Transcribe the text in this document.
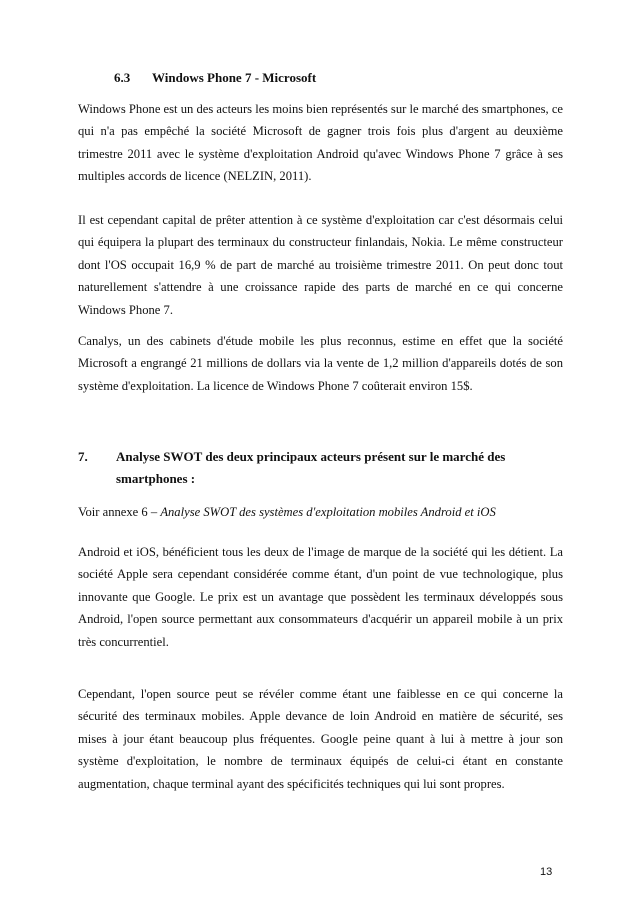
6.3 Windows Phone 7 - Microsoft

Windows Phone est un des acteurs les moins bien représentés sur le marché des smartphones, ce qui n'a pas empêché la société Microsoft de gagner trois fois plus d'argent au deuxième trimestre 2011 avec le système d'exploitation Android qu'avec Windows Phone 7 grâce à ses multiples accords de licence (NELZIN, 2011).

Il est cependant capital de prêter attention à ce système d'exploitation car c'est désormais celui qui équipera la plupart des terminaux du constructeur finlandais, Nokia. Le même constructeur dont l'OS occupait 16,9 % de part de marché au troisième trimestre 2011. On peut donc tout naturellement s'attendre à une croissance rapide des parts de marché en ce qui concerne Windows Phone 7.

Canalys, un des cabinets d'étude mobile les plus reconnus, estime en effet que la société Microsoft a engrangé 21 millions de dollars via la vente de 1,2 million d'appareils dotés de son système d'exploitation. La licence de Windows Phone 7 coûterait environ 15$.

7. Analyse SWOT des deux principaux acteurs présent sur le marché des smartphones :
Voir annexe 6 – Analyse SWOT des systèmes d'exploitation mobiles Android et iOS

Android et iOS, bénéficient tous les deux de l'image de marque de la société qui les détient. La société Apple sera cependant considérée comme étant, d'un point de vue technologique, plus innovante que Google. Le prix est un avantage que possèdent les terminaux développés sous Android, l'open source permettant aux consommateurs d'acquérir un appareil mobile à un prix très concurrentiel.

Cependant, l'open source peut se révéler comme étant une faiblesse en ce qui concerne la sécurité des terminaux mobiles. Apple devance de loin Android en matière de sécurité, ses mises à jour étant beaucoup plus fréquentes. Google peine quant à lui à mettre à jour son système d'exploitation, le nombre de terminaux équipés de celui-ci étant en constante augmentation, chaque terminal ayant des spécificités techniques qui lui sont propres.

13
